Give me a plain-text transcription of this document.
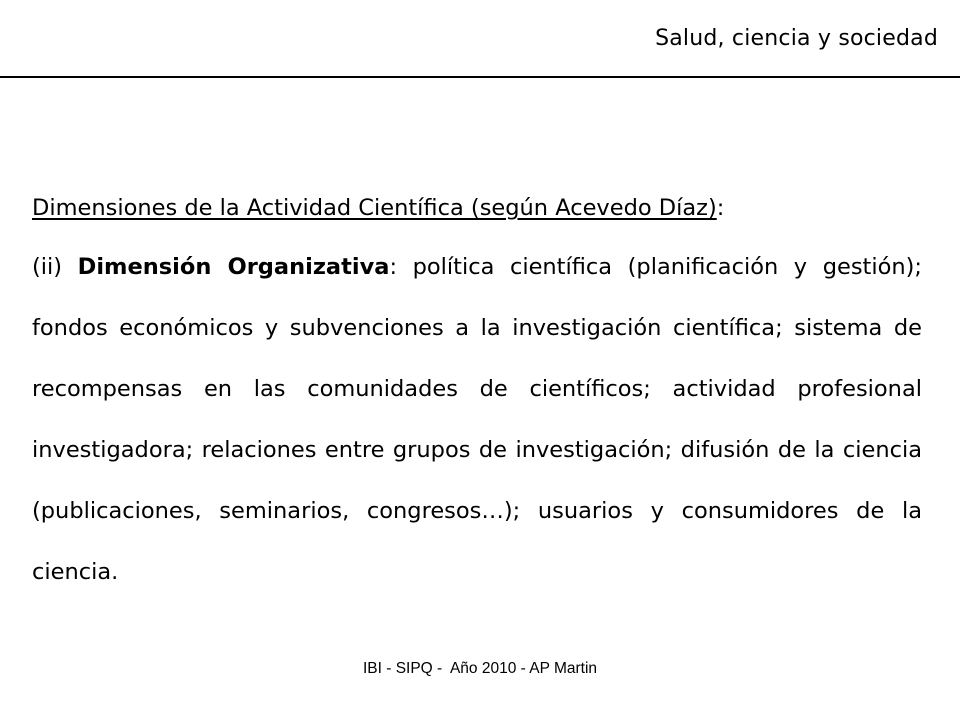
Salud, ciencia y sociedad
Dimensiones de la Actividad Científica (según Acevedo Díaz):

(ii) Dimensión Organizativa: política científica (planificación y gestión); fondos económicos y subvenciones a la investigación científica; sistema de recompensas en las comunidades de científicos; actividad profesional investigadora; relaciones entre grupos de investigación; difusión de la ciencia (publicaciones, seminarios, congresos…); usuarios y consumidores de la ciencia.

IBI - SIPQ -  Año 2010 - AP Martin
